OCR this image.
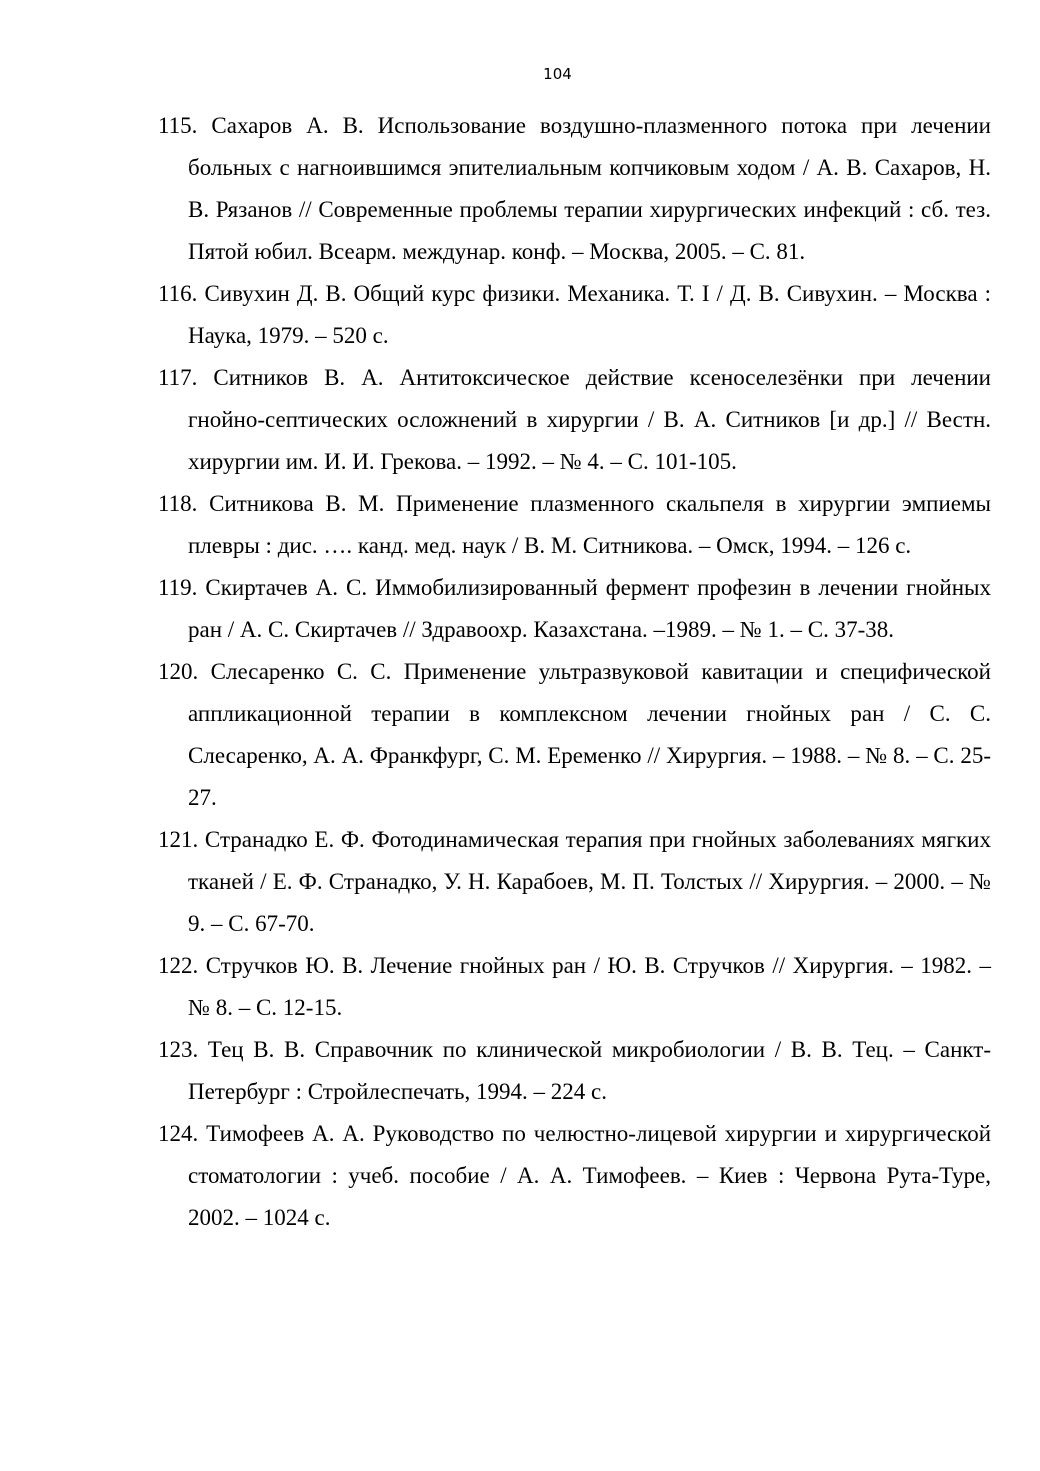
104
115. Сахаров А. В. Использование воздушно-плазменного потока при лечении больных с нагноившимся эпителиальным копчиковым ходом / А. В. Сахаров, Н. В. Рязанов // Современные проблемы терапии хирургических инфекций : сб. тез. Пятой юбил. Всеарм. междунар. конф. – Москва, 2005. – С. 81.
116. Сивухин Д. В. Общий курс физики. Механика. Т. I / Д. В. Сивухин. – Москва : Наука, 1979. – 520 с.
117. Ситников В. А. Антитоксическое действие ксеноселезёнки при лечении гнойно-септических осложнений в хирургии / В. А. Ситников [и др.] // Вестн. хирургии им. И. И. Грекова. – 1992. – № 4. – С. 101-105.
118. Ситникова В. М. Применение плазменного скальпеля в хирургии эмпиемы плевры : дис. …. канд. мед. наук / В. М. Ситникова. – Омск, 1994. – 126 с.
119. Скиртачев А. С. Иммобилизированный фермент профезин в лечении гнойных ран / А. С. Скиртачев // Здравоохр. Казахстана. –1989. – № 1. – С. 37-38.
120. Слесаренко С. С. Применение ультразвуковой кавитации и специфической аппликационной терапии в комплексном лечении гнойных ран / С. С. Слесаренко, А. А. Франкфург, С. М. Еременко // Хирургия. – 1988. – № 8. – С. 25-27.
121. Странадко Е. Ф. Фотодинамическая терапия при гнойных заболеваниях мягких тканей / Е. Ф. Странадко, У. Н. Карабоев, М. П. Толстых // Хирургия. – 2000. – № 9. – С. 67-70.
122. Стручков Ю. В. Лечение гнойных ран / Ю. В. Стручков // Хирургия. – 1982. – № 8. – С. 12-15.
123. Тец В. В. Справочник по клинической микробиологии / В. В. Тец. – Санкт-Петербург : Стройлеспечать, 1994. – 224 с.
124. Тимофеев А. А. Руководство по челюстно-лицевой хирургии и хирургической стоматологии : учеб. пособие / А. А. Тимофеев. – Киев : Червона Рута-Туре, 2002. – 1024 с.
